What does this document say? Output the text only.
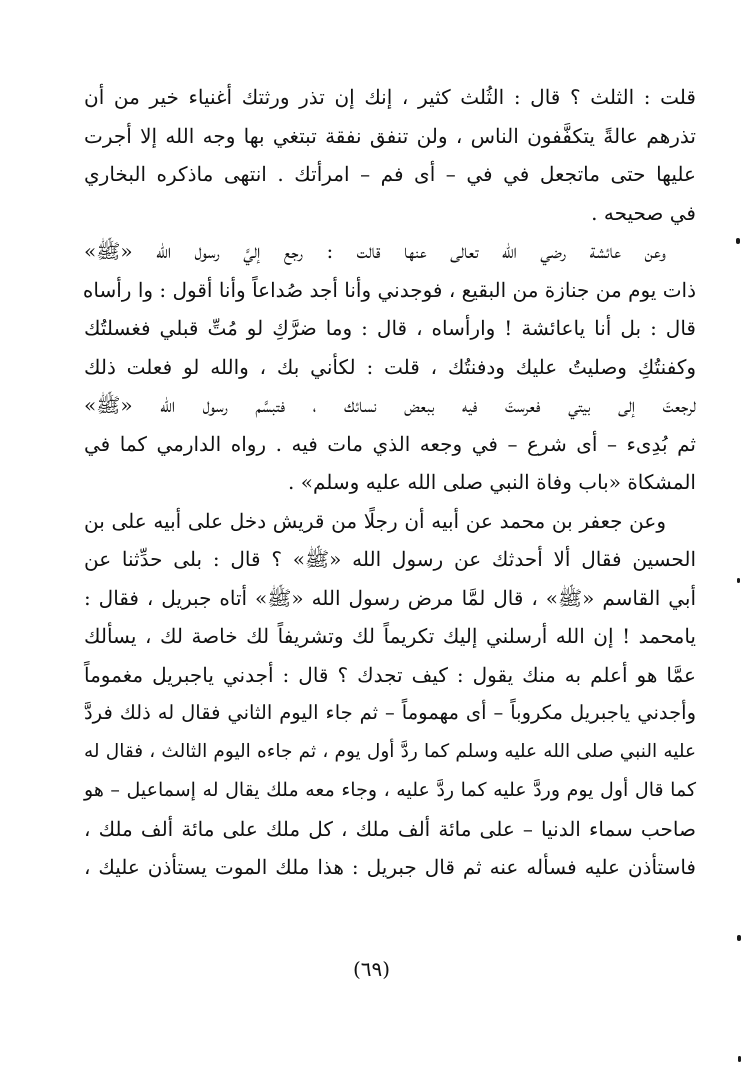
قلت : الثلث ؟ قال : الثُلث كثير ، إنك إن تذر ورثتك أغنياء خير من أن
تذرهم عالةً يتكفَّفون الناس ، ولن تنفق نفقة تبتغي بها وجه الله إلا أجرت
عليها حتى ماتجعل في في – أى فم – امرأتك . انتهى ماذكره البخاري
في صحيحه .
وعن عائشة رضي الله تعالى عنها قالت : رجع إليَّ رسول الله «ﷺ»
ذات يوم من جنازة من البقيع ، فوجدني وأنا أجد صُداعاً وأنا أقول : وا رأساه
قال : بل أنا ياعائشة ! وارأساه ، قال : وما ضرَّكِ لو مُتِّ قبلي فغسلتُك
وكفنتُكِ وصليتُ عليك ودفنتُك ، قلت : لكأني بك ، والله لو فعلت ذلك
لرجعتَ إلى بيتي فعرستَ فيه ببعض نسائك ، فتبسَّم رسول الله «ﷺ»
ثم بُدِىء – أى شرع – في وجعه الذي مات فيه . رواه الدارمي كما في
المشكاة «باب وفاة النبي صلى الله عليه وسلم» .
وعن جعفر بن محمد عن أبيه أن رجلًا من قريش دخل على أبيه على بن
الحسين فقال ألا أحدثك عن رسول الله «ﷺ» ؟ قال : بلى حدِّثنا عن
أبي القاسم «ﷺ» ، قال لمَّا مرض رسول الله «ﷺ» أتاه جبريل ، فقال :
يامحمد ! إن الله أرسلني إليك تكريماً لك وتشريفاً لك خاصة لك ، يسألك
عمَّا هو أعلم به منك يقول : كيف تجدك ؟ قال : أجدني ياجبريل مغموماً
وأجدني ياجبريل مكروباً – أى مهموماً – ثم جاء اليوم الثاني فقال له ذلك فردَّ
عليه النبي صلى الله عليه وسلم كما ردَّ أول يوم ، ثم جاءه اليوم الثالث ، فقال له
كما قال أول يوم وردَّ عليه كما ردَّ عليه ، وجاء معه ملك يقال له إسماعيل – هو
صاحب سماء الدنيا – على مائة ألف ملك ، كل ملك على مائة ألف ملك ،
فاستأذن عليه فسأله عنه ثم قال جبريل : هذا ملك الموت يستأذن عليك ،
(٦٩)
